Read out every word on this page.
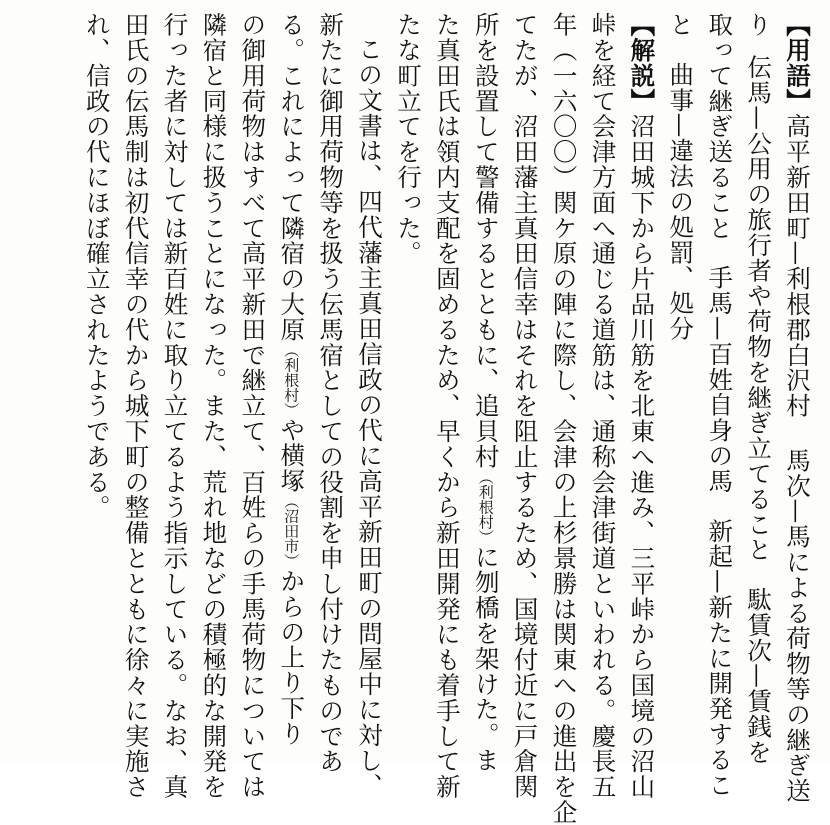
【用語】高平新田町—利根郡白沢村馬次—馬による荷物等の継ぎ送
り伝馬—公用の旅行者や荷物を継ぎ立てること駄賃次—賃銭を
取って継ぎ送ること手馬—百姓自身の馬新起—新たに開発するこ
と曲事—違法の処罰、処分
【解説】沼田城下から片品川筋を北東へ進み、三平峠から国境の沼山
峠を経て会津方面へ通じる道筋は、通称会津街道といわれる。慶長五
年（一六〇〇）関ケ原の陣に際し、会津の上杉景勝は関東への進出を企
てたが、沼田藩主真田信幸はそれを阻止するため、国境付近に戸倉関
所を設置して警備するとともに、追貝村（利根村）に刎橋を架けた。ま
た真田氏は領内支配を固めるため、早くから新田開発にも着手して新
たな町立てを行った。
この文書は、四代藩主真田信政の代に高平新田町の問屋中に対し、
新たに御用荷物等を扱う伝馬宿としての役割を申し付けたものであ
る。これによって隣宿の大原（利根村）や横塚（沼田市）からの上り下り
の御用荷物はすべて高平新田で継立て、百姓らの手馬荷物については
隣宿と同様に扱うことになった。また、荒れ地などの積極的な開発を
行った者に対しては新百姓に取り立てるよう指示している。なお、真
田氏の伝馬制は初代信幸の代から城下町の整備とともに徐々に実施さ
れ、信政の代にほぼ確立されたようである。
